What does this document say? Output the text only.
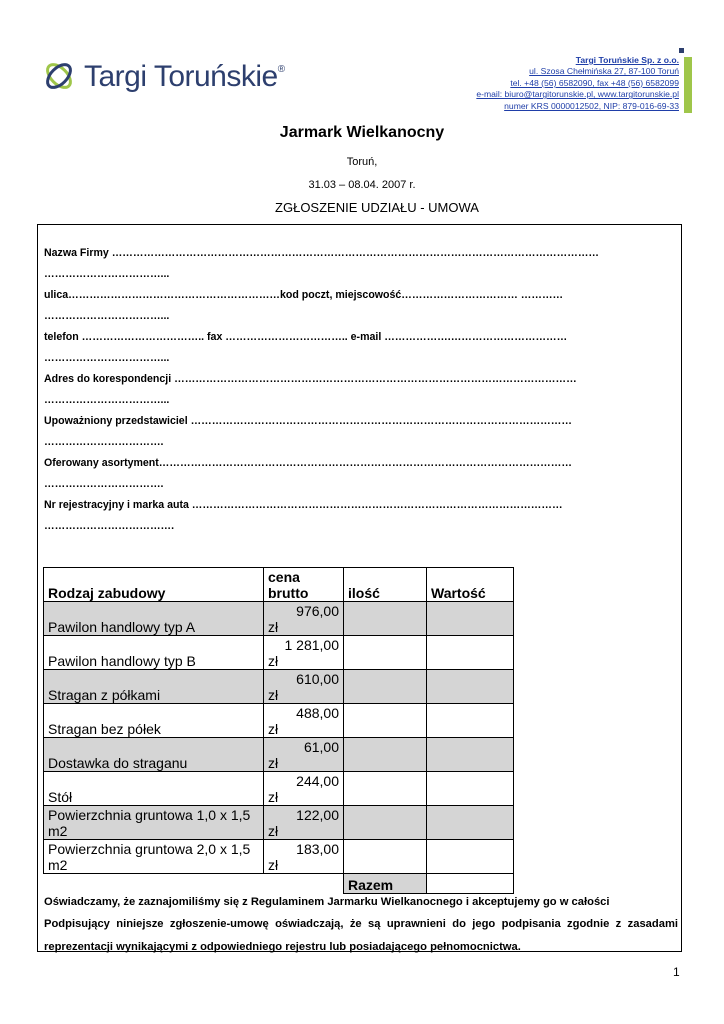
Targi Toruńskie®
Targi Toruńskie Sp. z o.o.
ul. Szosa Chełmińska 27, 87-100 Toruń
tel. +48 (56) 6582090, fax +48 (56) 6582099
e-mail: biuro@targitorunskie.pl, www.targitorunskie.pl
numer KRS 0000012502, NIP: 879-016-69-33
Jarmark Wielkanocny
Toruń,
31.03 – 08.04. 2007 r.
ZGŁOSZENIE UDZIAŁU - UMOWA
Nazwa Firmy …………………………………………………………………………………………………………………………
……………………………...
ulica……………………………………………………kod poczt, miejscowość…………………………… …………
……………………………...
telefon …………………………….. fax …………………………….. e-mail ……………….……………………………
……………………………...
Adres do korespondencji ……………………………………………………………………………………………………
……………………………...
Upoważniony przedstawiciel ………………………………………………………………………………………………
…………………………….
Oferowany asortyment………………………………………………………………………………………………………
…………………………….
Nr rejestracyjny i marka auta ……………………………………………………………………………………………
……………………………….
Rodzaj zabudowy	cena brutto	ilość	Wartość
Pawilon handlowy typ A	976,00
zł		

Pawilon handlowy typ B	1 281,00
zł		

Stragan z półkami	610,00
zł		

Stragan bez półek	488,00
zł		

Dostawka do straganu	61,00
zł		

Stół	244,00
zł		

Powierzchnia gruntowa 1,0 x 1,5 m2	122,00
zł		

Powierzchnia gruntowa 2,0 x 1,5 m2	183,00
zł		

		Razem	
Oświadczamy, że zaznajomiliśmy się z Regulaminem Jarmarku Wielkanocnego i akceptujemy go w całości
Podpisujący niniejsze zgłoszenie-umowę oświadczają, że są uprawnieni do jego podpisania zgodnie z zasadami reprezentacji wynikającymi z odpowiedniego rejestru lub posiadającego pełnomocnictwa.
1
